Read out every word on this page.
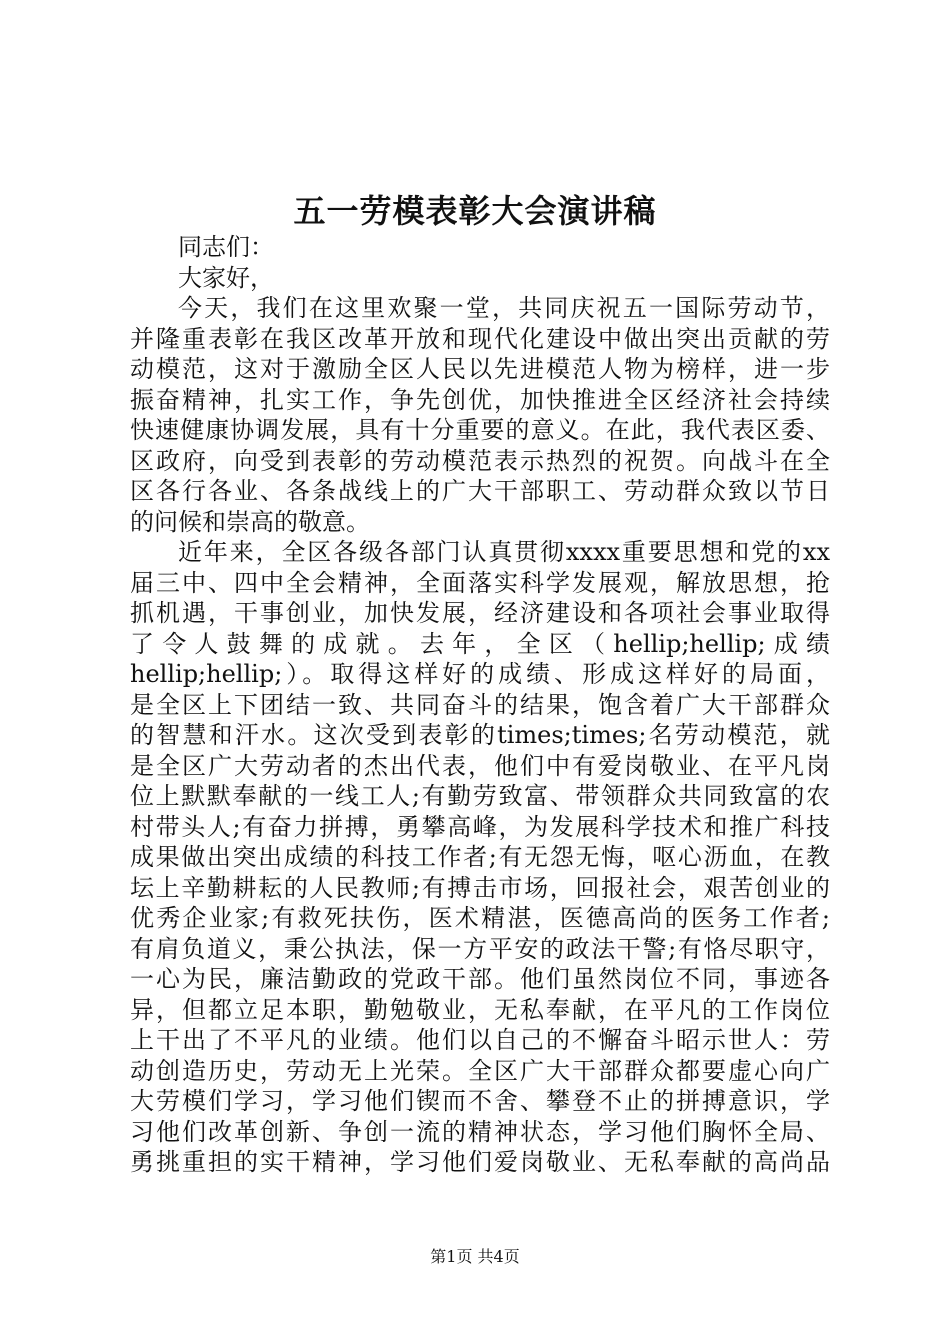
五一劳模表彰大会演讲稿
同志们：
大家好，
今天，我们在这里欢聚一堂，共同庆祝五一国际劳动节，
并隆重表彰在我区改革开放和现代化建设中做出突出贡献的劳
动模范，这对于激励全区人民以先进模范人物为榜样，进一步
振奋精神，扎实工作，争先创优，加快推进全区经济社会持续
快速健康协调发展，具有十分重要的意义。在此，我代表区委、
区政府，向受到表彰的劳动模范表示热烈的祝贺。向战斗在全
区各行各业、各条战线上的广大干部职工、劳动群众致以节日
的问候和崇高的敬意。
近年来，全区各级各部门认真贯彻xxxx重要思想和党的xx
届三中、四中全会精神，全面落实科学发展观，解放思想，抢
抓机遇，干事创业，加快发展，经济建设和各项社会事业取得
了令人鼓舞的成就。去年，全区（hellip;hellip;成绩
hellip;hellip;）。取得这样好的成绩、形成这样好的局面，
是全区上下团结一致、共同奋斗的结果，饱含着广大干部群众
的智慧和汗水。这次受到表彰的times;times;名劳动模范，就
是全区广大劳动者的杰出代表，他们中有爱岗敬业、在平凡岗
位上默默奉献的一线工人;有勤劳致富、带领群众共同致富的农
村带头人;有奋力拼搏，勇攀高峰，为发展科学技术和推广科技
成果做出突出成绩的科技工作者;有无怨无悔，呕心沥血，在教
坛上辛勤耕耘的人民教师;有搏击市场，回报社会，艰苦创业的
优秀企业家;有救死扶伤，医术精湛，医德高尚的医务工作者;
有肩负道义，秉公执法，保一方平安的政法干警;有恪尽职守，
一心为民，廉洁勤政的党政干部。他们虽然岗位不同，事迹各
异，但都立足本职，勤勉敬业，无私奉献，在平凡的工作岗位
上干出了不平凡的业绩。他们以自己的不懈奋斗昭示世人：劳
动创造历史，劳动无上光荣。全区广大干部群众都要虚心向广
大劳模们学习，学习他们锲而不舍、攀登不止的拼搏意识，学
习他们改革创新、争创一流的精神状态，学习他们胸怀全局、
勇挑重担的实干精神，学习他们爱岗敬业、无私奉献的高尚品
第1页 共4页
